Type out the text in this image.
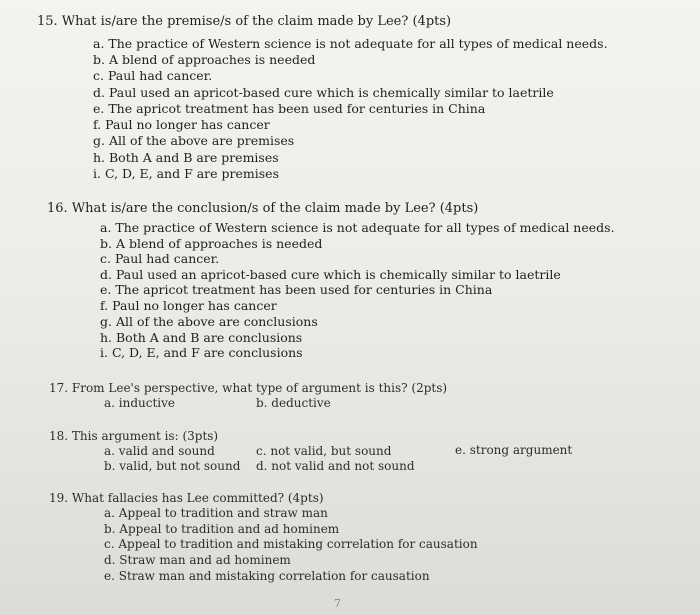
15. What is/are the premise/s of the claim made by Lee? (4pts)
a. The practice of Western science is not adequate for all types of medical needs.
b. A blend of approaches is needed
c. Paul had cancer.
d. Paul used an apricot-based cure which is chemically similar to laetrile
e. The apricot treatment has been used for centuries in China
f. Paul no longer has cancer
g. All of the above are premises
h. Both A and B are premises
i. C, D, E, and F are premises
16. What is/are the conclusion/s of the claim made by Lee? (4pts)
a. The practice of Western science is not adequate for all types of medical needs.
b. A blend of approaches is needed
c. Paul had cancer.
d. Paul used an apricot-based cure which is chemically similar to laetrile
e. The apricot treatment has been used for centuries in China
f. Paul no longer has cancer
g. All of the above are conclusions
h. Both A and B are conclusions
i. C, D, E, and F are conclusions
17. From Lee's perspective, what type of argument is this? (2pts)
a. inductive	b. deductive
18. This argument is: (3pts)
a. valid and sound
b. valid, but not sound
c. not valid, but sound
d. not valid and not sound
e. strong argument
19. What fallacies has Lee committed? (4pts)
a. Appeal to tradition and straw man
b. Appeal to tradition and ad hominem
c. Appeal to tradition and mistaking correlation for causation
d. Straw man and ad hominem
e. Straw man and mistaking correlation for causation
7
